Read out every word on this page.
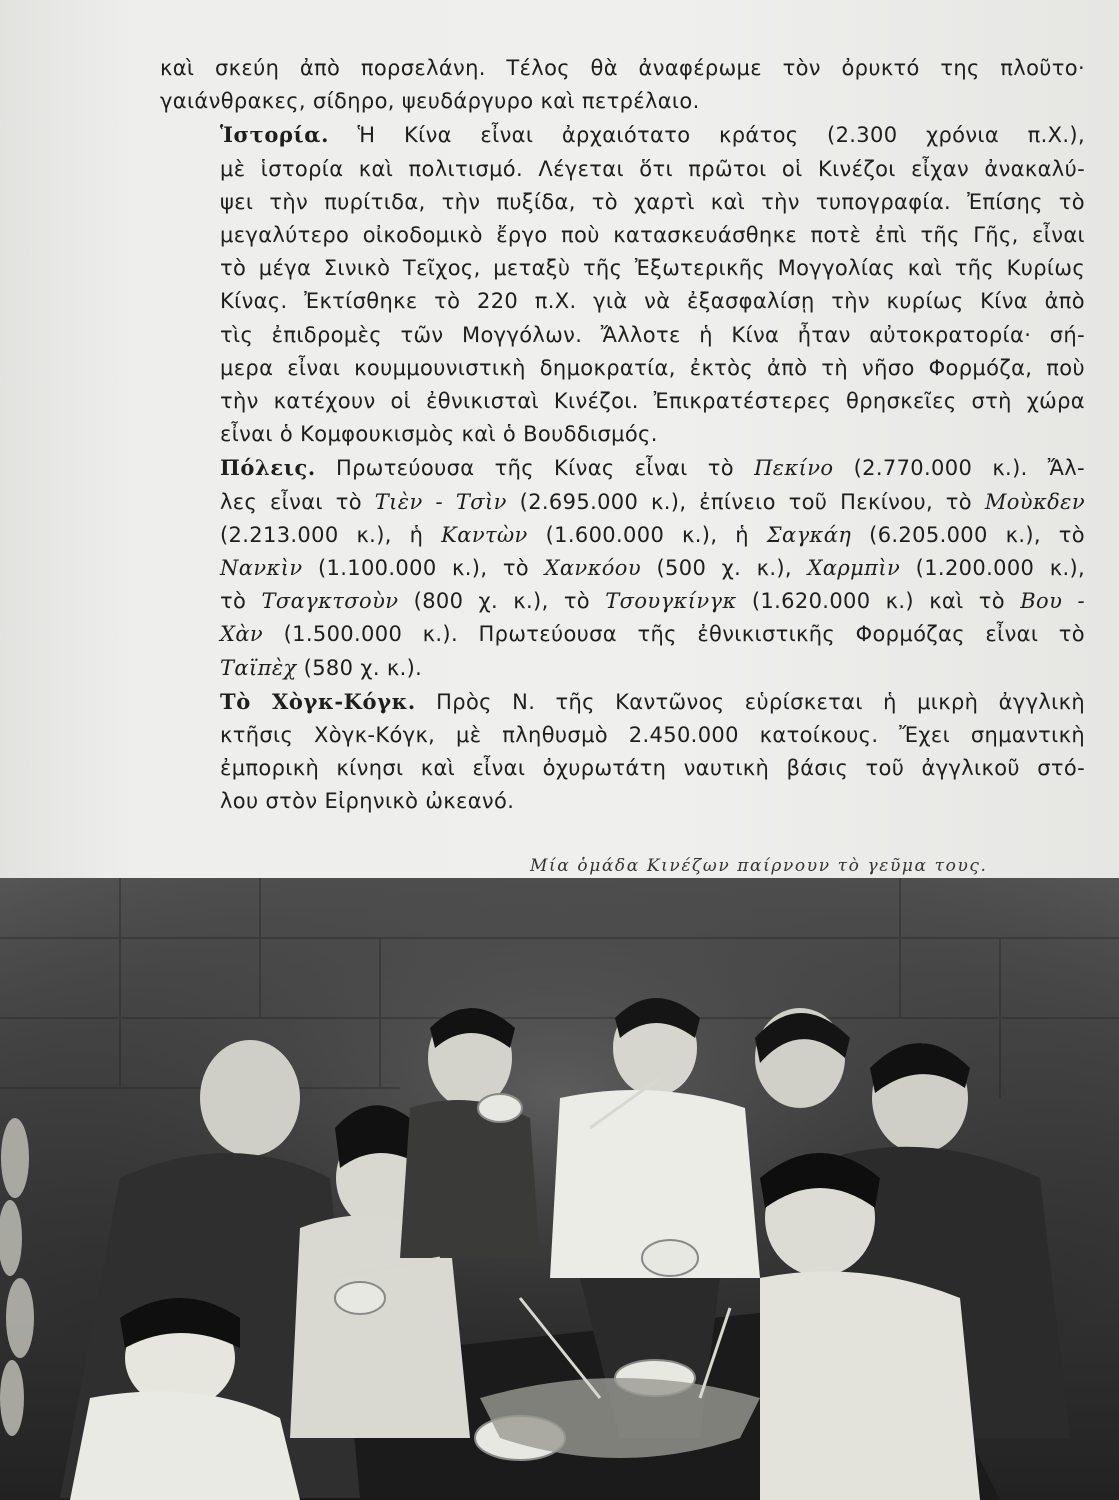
καὶ σκεύη ἀπὸ πορσελάνη. Τέλος θὰ ἀναφέρωμε τὸν ὀρυκτό της πλοῦτο·
γαιάνθρακες, σίδηρο, ψευδάργυρο καὶ πετρέλαιο.

Ἱστορία. Ἡ Κίνα εἶναι ἀρχαιότατο κράτος (2.300 χρόνια π.Χ.),
μὲ ἱστορία καὶ πολιτισμό. Λέγεται ὅτι πρῶτοι οἱ Κινέζοι εἶχαν ἀνακαλύ-
ψει τὴν πυρίτιδα, τὴν πυξίδα, τὸ χαρτὶ καὶ τὴν τυπογραφία. Ἐπίσης τὸ
μεγαλύτερο οἰκοδομικὸ ἔργο ποὺ κατασκευάσθηκε ποτὲ ἐπὶ τῆς Γῆς, εἶναι
τὸ μέγα Σινικὸ Τεῖχος, μεταξὺ τῆς Ἐξωτερικῆς Μογγολίας καὶ τῆς Κυρίως
Κίνας. Ἐκτίσθηκε τὸ 220 π.Χ. γιὰ νὰ ἐξασφαλίσῃ τὴν κυρίως Κίνα ἀπὸ
τὶς ἐπιδρομὲς τῶν Μογγόλων. Ἄλλοτε ἡ Κίνα ἦταν αὐτοκρατορία· σή-
μερα εἶναι κουμμουνιστικὴ δημοκρατία, ἐκτὸς ἀπὸ τὴ νῆσο Φορμόζα, ποὺ
τὴν κατέχουν οἱ ἐθνικισταὶ Κινέζοι. Ἐπικρατέστερες θρησκεῖες στὴ χώρα
εἶναι ὁ Κομφουκισμὸς καὶ ὁ Βουδδισμός.

Πόλεις. Πρωτεύουσα τῆς Κίνας εἶναι τὸ Πεκίνο (2.770.000 κ.). Ἄλ-
λες εἶναι τὸ Τιὲν - Τσὶν (2.695.000 κ.), ἐπίνειο τοῦ Πεκίνου, τὸ Μοὺκδεν
(2.213.000 κ.), ἡ Καντὼν (1.600.000 κ.), ἡ Σαγκάη (6.205.000 κ.), τὸ
Νανκὶν (1.100.000 κ.), τὸ Χανκόου (500 χ. κ.), Χαρμπὶν (1.200.000 κ.),
τὸ Τσαγκτσοὺν (800 χ. κ.), τὸ Τσουγκίνγκ (1.620.000 κ.) καὶ τὸ Βου -
Χὰν (1.500.000 κ.). Πρωτεύουσα τῆς ἐθνικιστικῆς Φορμόζας εἶναι τὸ
Ταϊπὲχ (580 χ. κ.).

Τὸ Χὸγκ-Κόγκ. Πρὸς Ν. τῆς Καντῶνος εὑρίσκεται ἡ μικρὴ ἀγγλικὴ
κτῆσις Χὸγκ-Κόγκ, μὲ πληθυσμὸ 2.450.000 κατοίκους. Ἔχει σημαντικὴ
ἐμπορικὴ κίνησι καὶ εἶναι ὀχυρωτάτη ναυτικὴ βάσις τοῦ ἀγγλικοῦ στό-
λου στὸν Εἰρηνικὸ ὠκεανό.

Μία ὁμάδα Κινέζων παίρνουν τὸ γεῦμα τους.
